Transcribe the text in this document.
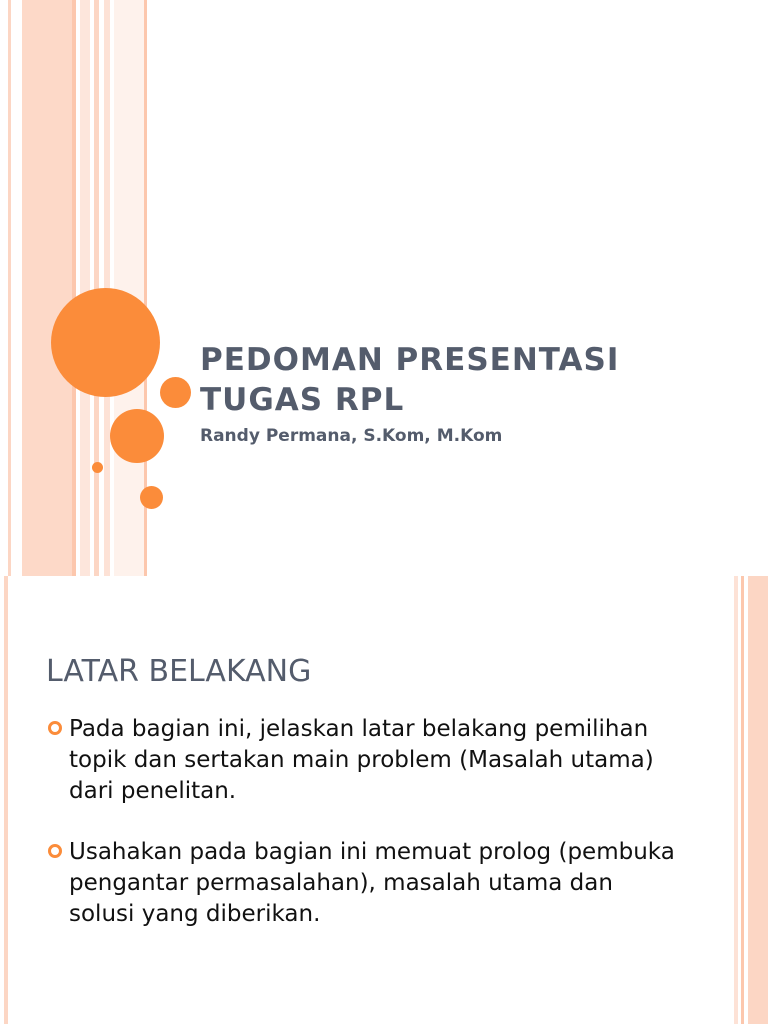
PEDOMAN PRESENTASI TUGAS RPL

Randy Permana, S.Kom, M.Kom

LATAR BELAKANG
Pada bagian ini, jelaskan latar belakang pemilihan topik dan sertakan main problem (Masalah utama) dari penelitan.
Usahakan pada bagian ini memuat prolog (pembuka pengantar permasalahan), masalah utama dan solusi yang diberikan.
